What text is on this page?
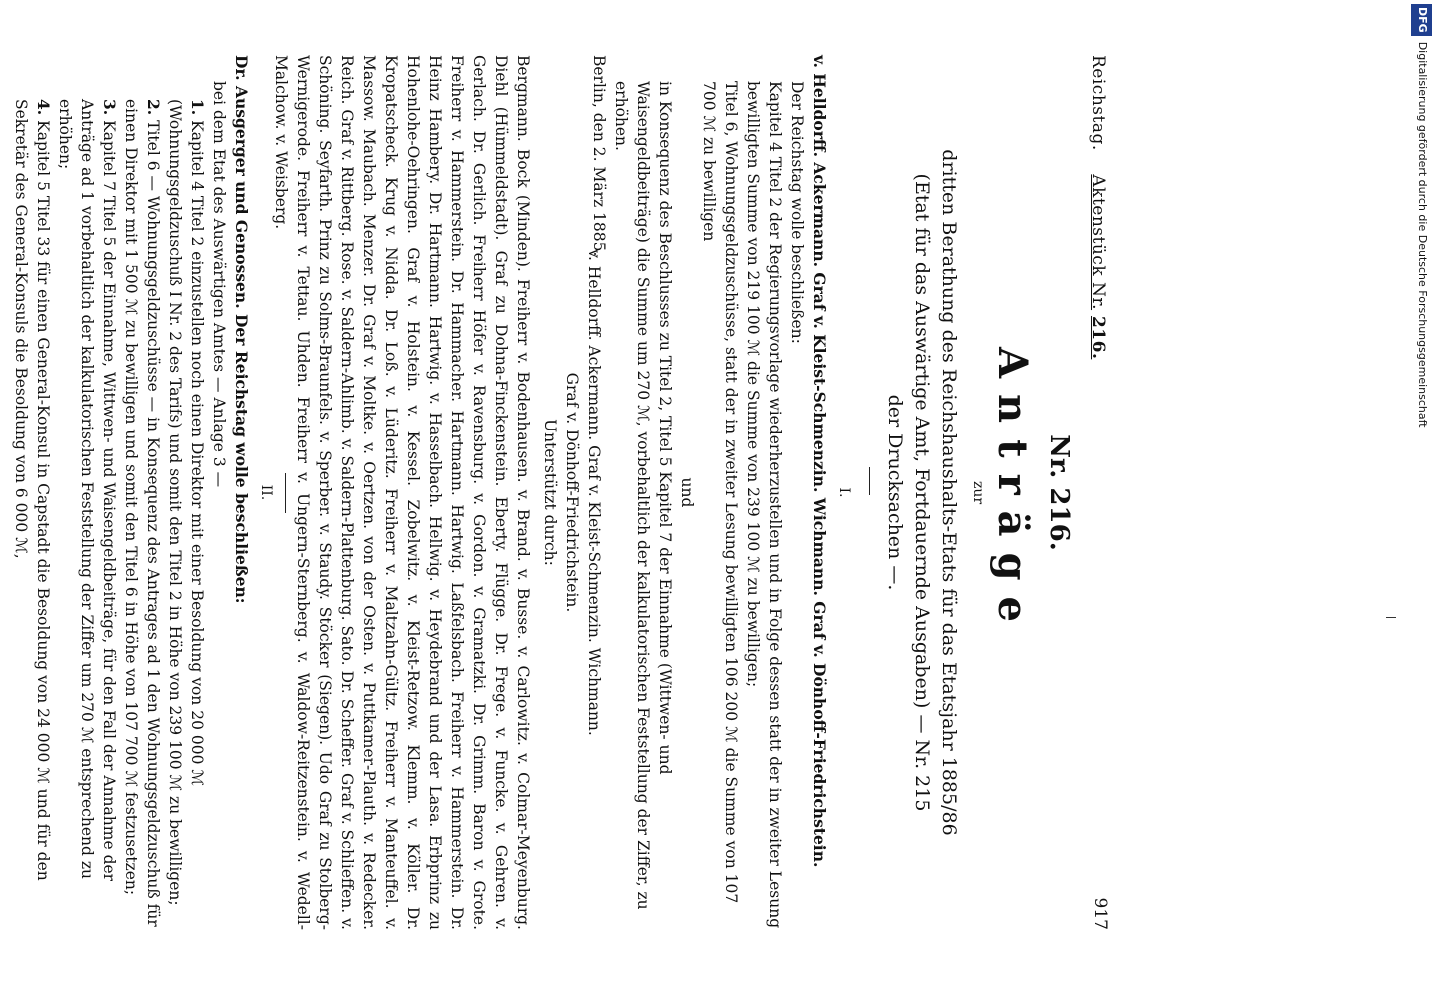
Reichstag.    Aktenstück Nr. 216.
917
Nr. 216.
Anträge
zur
dritten Berathung des Reichshaushalts-Etats für das Etatsjahr 1885/86
(Etat für das Auswärtige Amt, Fortdauernde Ausgaben) — Nr. 215
der Drucksachen —.
I.

v. Helldorff. Ackermann. Graf v. Kleist-Schmenzin. Wichmann. Graf v. Dönhoff-Friedrichstein.

Der Reichstag wolle beschließen:

Kapitel 4 Titel 2 der Regierungsvorlage wiederherzustellen und in Folge dessen statt der in zweiter Lesung bewilligten Summe von 219 100 ℳ die Summe von 239 100 ℳ zu bewilligen;

Titel 6, Wohnungsgeldzuschüsse, statt der in zweiter Lesung bewilligten 106 200 ℳ die Summe von 107 700 ℳ zu bewilligen

und

in Konsequenz des Beschlusses zu Titel 2, Titel 5 Kapitel 7 der Einnahme (Wittwen- und Waisengeldbeiträge) die Summe um 270 ℳ, vorbehaltlich der kalkulatorischen Feststellung der Ziffer, zu erhöhen.

Berlin, den 2. März 1885.

v. Helldorff. Ackermann. Graf v. Kleist-Schmenzin. Wichmann.
Graf v. Dönhoff-Friedrichstein.
Unterstützt durch:

Bergmann. Bock (Minden). Freiherr v. Bodenhausen. v. Brand. v. Busse. v. Carlowitz. v. Colmar-Meyenburg. Diehl (Hümmeldstadt). Graf zu Dohna-Finckenstein. Eberty. Flügge. Dr. Frege. v. Funcke. v. Gehren. v. Gerlach. Dr. Gerlich. Freiherr Höfer v. Ravensburg. v. Gordon. v. Gramatzki. Dr. Grimm. Baron v. Grote. Freiherr v. Hammerstein. Dr. Hammacher. Hartmann. Hartwig. Laßfelsbach. Freiherr v. Hammerstein. Dr. Heinz Hambery. Dr. Hartmann. Hartwig. v. Hasselbach. Hellwig. v. Heydebrand und der Lasa. Erbprinz zu Hohenlohe-Oehringen. Graf v. Holstein. v. Kessel. Zobelwitz. v. Kleist-Retzow. Klemm. v. Köller. Dr. Kropatscheck. Krug v. Nidda. Dr. Loß. v. Lüderitz. Freiherr v. Maltzahn-Gültz. Freiherr v. Manteuffel. v. Massow. Maubach. Menzer. Dr. Graf v. Moltke. v. Oertzen. von der Osten. v. Puttkamer-Plauth. v. Redecker. Reich. Graf v. Rittberg. Rose. v. Saldern-Ahlimb. v. Saldern-Plattenburg. Sato. Dr. Scheffer. Graf v. Schlieffen. v. Schöning. Seyfarth. Prinz zu Solms-Braunfels. v. Sperber. v. Staudy. Stöcker (Siegen). Udo Graf zu Stolberg-Wernigerode. Freiherr v. Tettau. Uhden. Freiherr v. Ungern-Sternberg. v. Waldow-Reitzenstein. v. Wedell-Malchow. v. Weisberg.

II.

Dr. Ausgerger und Genossen. Der Reichstag wolle beschließen:

bei dem Etat des Auswärtigen Amtes — Anlage 3 —

1. Kapitel 4 Titel 2 einzustellen noch einen Direktor mit einer Besoldung von 20 000 ℳ (Wohnungsgeldzuschuß I Nr. 2 des Tarifs) und somit den Titel 2 in Höhe von 239 100 ℳ zu bewilligen;

2. Titel 6 — Wohnungsgeldzuschüsse — in Konsequenz des Antrages ad 1 den Wohnungsgeldzuschuß für einen Direktor mit 1 500 ℳ zu bewilligen und somit den Titel 6 in Höhe von 107 700 ℳ festzusetzen;

3. Kapitel 7 Titel 5 der Einnahme, Wittwen- und Waisengeldbeiträge, für den Fall der Annahme der Anträge ad 1 vorbehaltlich der kalkulatorischen Feststellung der Ziffer um 270 ℳ entsprechend zu erhöhen;

4. Kapitel 5 Titel 33 für einen General-Konsul in Capstadt die Besoldung von 24 000 ℳ und für den Sekretär des General-Konsuls die Besoldung von 6 000 ℳ,

DFGDigitalisierung gefördert durch die Deutsche Forschungsgemeinschaft
